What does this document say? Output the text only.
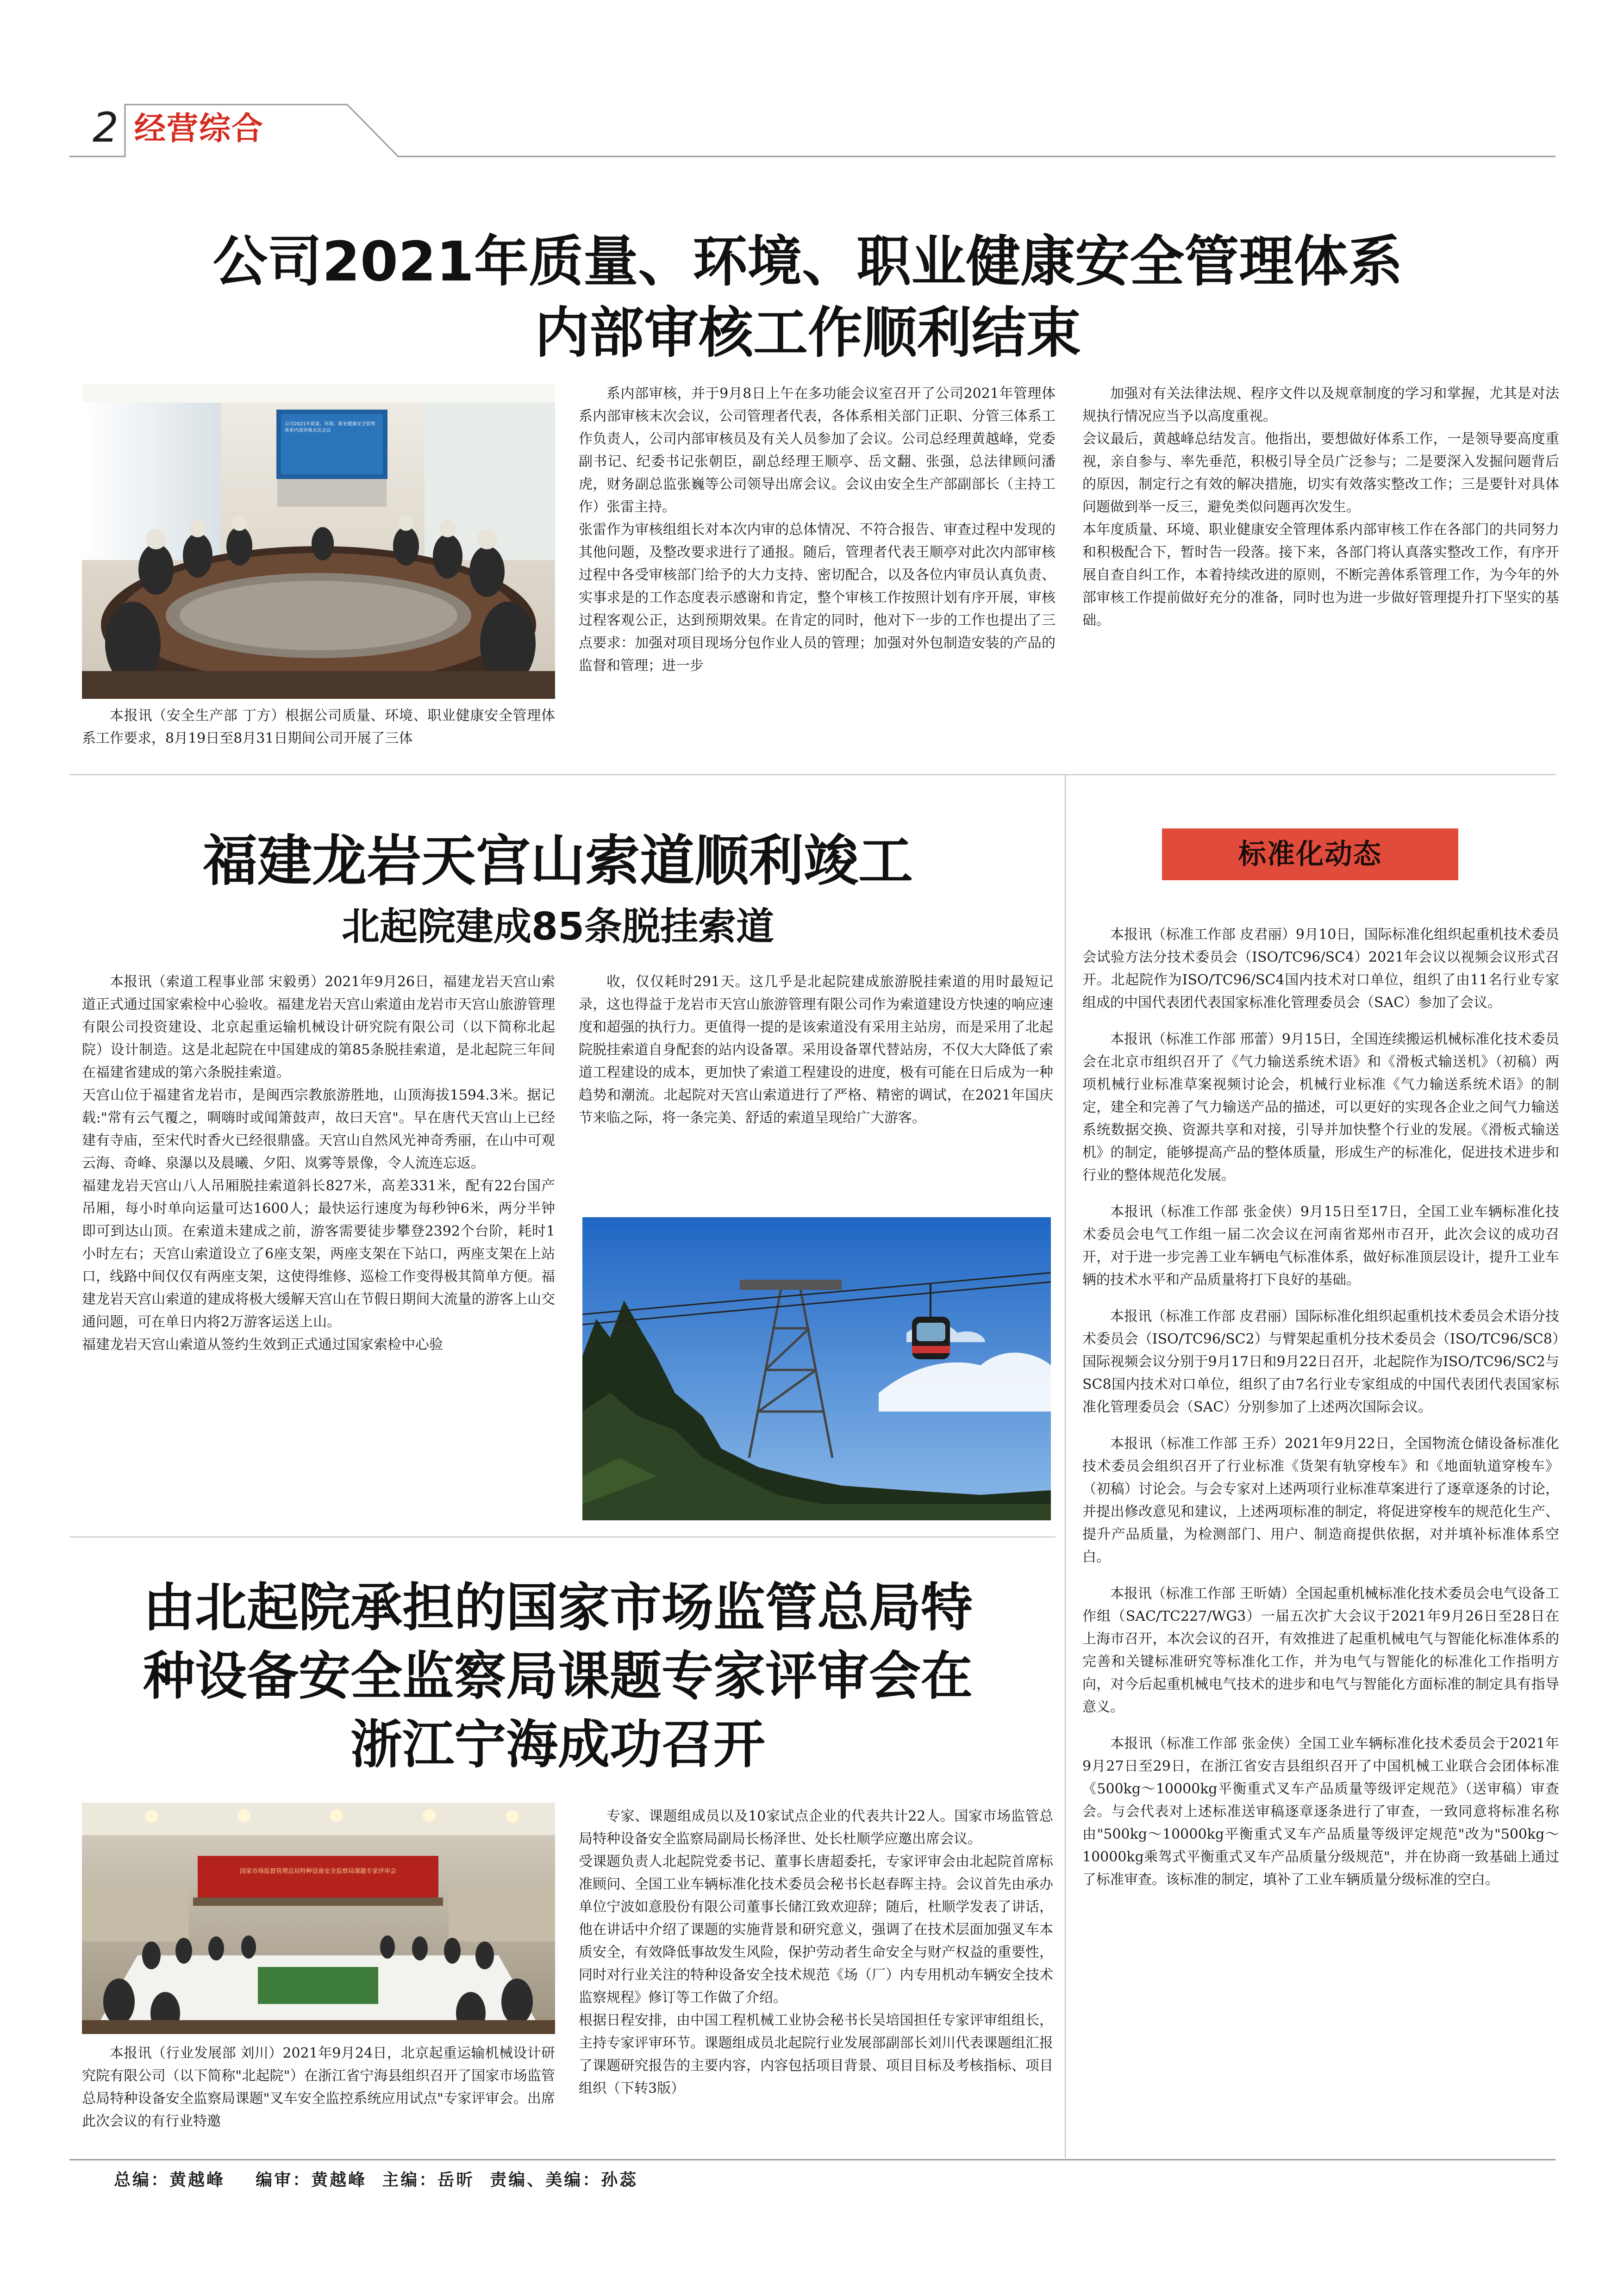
2 经营综合
公司2021年质量、环境、职业健康安全管理体系
内部审核工作顺利结束
公司2021年质量、环境、职业健康安全管理体系内部审核末次会议

本报讯（安全生产部 丁方）根据公司质量、环境、职业健康安全管理体系工作要求，8月19日至8月31日期间公司开展了三体

系内部审核，并于9月8日上午在多功能会议室召开了公司2021年管理体系内部审核末次会议，公司管理者代表，各体系相关部门正职、分管三体系工作负责人，公司内部审核员及有关人员参加了会议。公司总经理黄越峰，党委副书记、纪委书记张朝臣，副总经理王顺亭、岳文翻、张强，总法律顾问潘虎，财务副总监张巍等公司领导出席会议。会议由安全生产部副部长（主持工作）张雷主持。
张雷作为审核组组长对本次内审的总体情况、不符合报告、审查过程中发现的其他问题，及整改要求进行了通报。随后，管理者代表王顺亭对此次内部审核过程中各受审核部门给予的大力支持、密切配合，以及各位内审员认真负责、实事求是的工作态度表示感谢和肯定，整个审核工作按照计划有序开展，审核过程客观公正，达到预期效果。在肯定的同时，他对下一步的工作也提出了三点要求：加强对项目现场分包作业人员的管理；加强对外包制造安装的产品的监督和管理；进一步

加强对有关法律法规、程序文件以及规章制度的学习和掌握，尤其是对法规执行情况应当予以高度重视。
会议最后，黄越峰总结发言。他指出，要想做好体系工作，一是领导要高度重视，亲自参与、率先垂范，积极引导全员广泛参与；二是要深入发掘问题背后的原因，制定行之有效的解决措施，切实有效落实整改工作；三是要针对具体问题做到举一反三，避免类似问题再次发生。
本年度质量、环境、职业健康安全管理体系内部审核工作在各部门的共同努力和积极配合下，暂时告一段落。接下来，各部门将认真落实整改工作，有序开展自查自纠工作，本着持续改进的原则，不断完善体系管理工作，为今年的外部审核工作提前做好充分的准备，同时也为进一步做好管理提升打下坚实的基础。

福建龙岩天宫山索道顺利竣工
北起院建成85条脱挂索道

本报讯（索道工程事业部 宋毅勇）2021年9月26日，福建龙岩天宫山索道正式通过国家索检中心验收。福建龙岩天宫山索道由龙岩市天宫山旅游管理有限公司投资建设、北京起重运输机械设计研究院有限公司（以下简称北起院）设计制造。这是北起院在中国建成的第85条脱挂索道，是北起院三年间在福建省建成的第六条脱挂索道。
天宫山位于福建省龙岩市，是闽西宗教旅游胜地，山顶海拔1594.3米。据记载:"常有云气覆之，啁嗨时或闻箫鼓声，故曰天宫"。早在唐代天宫山上已经建有寺庙，至宋代时香火已经很鼎盛。天宫山自然风光神奇秀丽，在山中可观云海、奇峰、泉瀑以及晨曦、夕阳、岚雾等景像，令人流连忘返。
福建龙岩天宫山八人吊厢脱挂索道斜长827米，高差331米，配有22台国产吊厢，每小时单向运量可达1600人；最快运行速度为每秒钟6米，两分半钟即可到达山顶。在索道未建成之前，游客需要徒步攀登2392个台阶，耗时1小时左右；天宫山索道设立了6座支架，两座支架在下站口，两座支架在上站口，线路中间仅仅有两座支架，这使得维修、巡检工作变得极其简单方便。福建龙岩天宫山索道的建成将极大缓解天宫山在节假日期间大流量的游客上山交通问题，可在单日内将2万游客运送上山。
福建龙岩天宫山索道从签约生效到正式通过国家索检中心验

收，仅仅耗时291天。这几乎是北起院建成旅游脱挂索道的用时最短记录，这也得益于龙岩市天宫山旅游管理有限公司作为索道建设方快速的响应速度和超强的执行力。更值得一提的是该索道没有采用主站房，而是采用了北起院脱挂索道自身配套的站内设备罩。采用设备罩代替站房，不仅大大降低了索道工程建设的成本，更加快了索道工程建设的进度，极有可能在日后成为一种趋势和潮流。北起院对天宫山索道进行了严格、精密的调试，在2021年国庆节来临之际，将一条完美、舒适的索道呈现给广大游客。

标准化动态

本报讯（标准工作部 皮君丽）9月10日，国际标准化组织起重机技术委员会试验方法分技术委员会（ISO/TC96/SC4）2021年会议以视频会议形式召开。北起院作为ISO/TC96/SC4国内技术对口单位，组织了由11名行业专家组成的中国代表团代表国家标准化管理委员会（SAC）参加了会议。

本报讯（标准工作部 邢蕾）9月15日，全国连续搬运机械标准化技术委员会在北京市组织召开了《气力输送系统术语》和《滑板式输送机》（初稿）两项机械行业标准草案视频讨论会，机械行业标准《气力输送系统术语》的制定，建全和完善了气力输送产品的描述，可以更好的实现各企业之间气力输送系统数据交换、资源共享和对接，引导并加快整个行业的发展。《滑板式输送机》的制定，能够提高产品的整体质量，形成生产的标准化，促进技术进步和行业的整体规范化发展。

本报讯（标准工作部 张金侠）9月15日至17日，全国工业车辆标准化技术委员会电气工作组一届二次会议在河南省郑州市召开，此次会议的成功召开，对于进一步完善工业车辆电气标准体系，做好标准顶层设计，提升工业车辆的技术水平和产品质量将打下良好的基础。

本报讯（标准工作部 皮君丽）国际标准化组织起重机技术委员会术语分技术委员会（ISO/TC96/SC2）与臂架起重机分技术委员会（ISO/TC96/SC8）国际视频会议分别于9月17日和9月22日召开，北起院作为ISO/TC96/SC2与SC8国内技术对口单位，组织了由7名行业专家组成的中国代表团代表国家标准化管理委员会（SAC）分别参加了上述两次国际会议。

本报讯（标准工作部 王乔）2021年9月22日，全国物流仓储设备标准化技术委员会组织召开了行业标准《货架有轨穿梭车》和《地面轨道穿梭车》（初稿）讨论会。与会专家对上述两项行业标准草案进行了逐章逐条的讨论，并提出修改意见和建议，上述两项标准的制定，将促进穿梭车的规范化生产、提升产品质量，为检测部门、用户、制造商提供依据，对并填补标准体系空白。

本报讯（标准工作部 王昕婧）全国起重机械标准化技术委员会电气设备工作组（SAC/TC227/WG3）一届五次扩大会议于2021年9月26日至28日在上海市召开，本次会议的召开，有效推进了起重机械电气与智能化标准体系的完善和关键标准研究等标准化工作，并为电气与智能化的标准化工作指明方向，对今后起重机械电气技术的进步和电气与智能化方面标准的制定具有指导意义。

本报讯（标准工作部 张金侠）全国工业车辆标准化技术委员会于2021年9月27日至29日，在浙江省安吉县组织召开了中国机械工业联合会团体标准《500kg～10000kg平衡重式叉车产品质量等级评定规范》（送审稿）审查会。与会代表对上述标准送审稿逐章逐条进行了审查，一致同意将标准名称由"500kg～10000kg平衡重式叉车产品质量等级评定规范"改为"500kg～10000kg乘驾式平衡重式叉车产品质量分级规范"，并在协商一致基础上通过了标准审查。该标准的制定，填补了工业车辆质量分级标准的空白。

由北起院承担的国家市场监管总局特
种设备安全监察局课题专家评审会在
浙江宁海成功召开
国家市场监督管理总局特种设备安全监察局课题专家评审会

本报讯（行业发展部 刘川）2021年9月24日，北京起重运输机械设计研究院有限公司（以下简称"北起院"）在浙江省宁海县组织召开了国家市场监管总局特种设备安全监察局课题"叉车安全监控系统应用试点"专家评审会。出席此次会议的有行业特邀

专家、课题组成员以及10家试点企业的代表共计22人。国家市场监管总局特种设备安全监察局副局长杨泽世、处长杜顺学应邀出席会议。
受课题负责人北起院党委书记、董事长唐超委托，专家评审会由北起院首席标准顾问、全国工业车辆标准化技术委员会秘书长赵春晖主持。会议首先由承办单位宁波如意股份有限公司董事长储江致欢迎辞；随后，杜顺学发表了讲话，他在讲话中介绍了课题的实施背景和研究意义，强调了在技术层面加强叉车本质安全，有效降低事故发生风险，保护劳动者生命安全与财产权益的重要性，同时对行业关注的特种设备安全技术规范《场（厂）内专用机动车辆安全技术监察规程》修订等工作做了介绍。
根据日程安排，由中国工程机械工业协会秘书长吴培国担任专家评审组组长，主持专家评审环节。课题组成员北起院行业发展部副部长刘川代表课题组汇报了课题研究报告的主要内容，内容包括项目背景、项目目标及考核指标、项目组织（下转3版）

总编：黄越峰    编审：黄越峰  主编：岳昕  责编、美编：孙蕊
